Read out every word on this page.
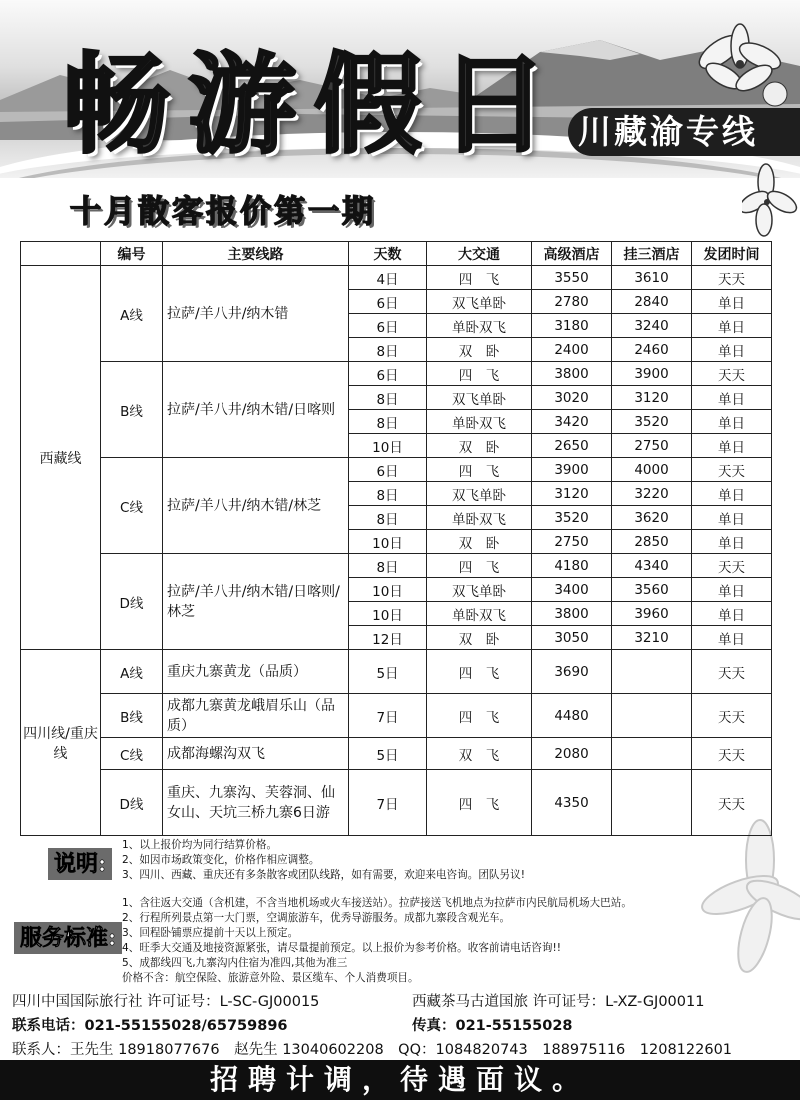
畅游假日 川藏渝专线
十月散客报价第一期
	编号	主要线路	天数	大交通	高级酒店	挂三酒店	发团时间
西藏线	A线	拉萨/羊八井/纳木错	4日	四　飞	3550	3610	天天
			6日	双飞单卧	2780	2840	单日
			6日	单卧双飞	3180	3240	单日
			8日	双　卧	2400	2460	单日
	B线	拉萨/羊八井/纳木错/日喀则	6日	四　飞	3800	3900	天天
			8日	双飞单卧	3020	3120	单日
			8日	单卧双飞	3420	3520	单日
			10日	双　卧	2650	2750	单日
	C线	拉萨/羊八井/纳木错/林芝	6日	四　飞	3900	4000	天天
			8日	双飞单卧	3120	3220	单日
			8日	单卧双飞	3520	3620	单日
			10日	双　卧	2750	2850	单日
	D线	拉萨/羊八井/纳木错/日喀则/林芝	8日	四　飞	4180	4340	天天
			10日	双飞单卧	3400	3560	单日
			10日	单卧双飞	3800	3960	单日
			12日	双　卧	3050	3210	单日
四川线/重庆线	A线	重庆九寨黄龙（品质）	5日	四　飞	3690		天天
	B线	成都九寨黄龙峨眉乐山（品质）	7日	四　飞	4480		天天
	C线	成都海螺沟双飞	5日	双　飞	2080		天天
	D线	重庆、九寨沟、芙蓉洞、仙女山、天坑三桥九寨6日游	7日	四　飞	4350		天天
说明:
1、以上报价均为同行结算价格。
2、如因市场政策变化，价格作相应调整。
3、四川、西藏、重庆还有多条散客或团队线路，如有需要，欢迎来电咨询。团队另议!
服务标准:
1、含往返大交通（含机建，不含当地机场或火车接送站）。拉萨接送飞机地点为拉萨市内民航局机场大巴站。
2、行程所列景点第一大门票，空调旅游车，优秀导游服务。成都九寨段含观光车。
3、回程卧铺票应提前十天以上预定。
4、旺季大交通及地接资源紧张，请尽量提前预定。以上报价为参考价格。收客前请电话咨询!!
5、成都线四飞,九寨沟内住宿为准四,其他为准三
价格不含：航空保险、旅游意外险、景区缆车、个人消费项目。
四川中国国际旅行社 许可证号：L-SC-GJ00015	西藏茶马古道国旅 许可证号：L-XZ-GJ00011
联系电话：021-55155028/65759896	传真：021-55155028
联系人：王先生 18918077676　赵先生 13040602208　QQ：1084820743　188975116　1208122601
招聘计调，待遇面议。
